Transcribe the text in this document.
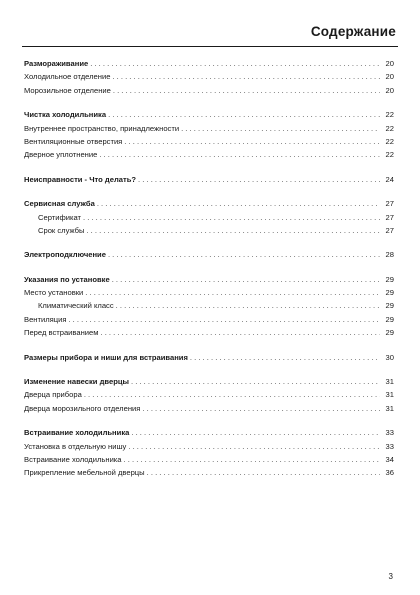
Содержание
Размораживание . . .	20
Холодильное отделение . . .	20
Морозильное отделение . . .	20
Чистка холодильника . . .	22
Внутреннее пространство, принадлежности . . .	22
Вентиляционные отверстия . . .	22
Дверное уплотнение . . .	22
Неисправности - Что делать? . . .	24
Сервисная служба . . .	27
Сертификат . . .	27
Срок службы . . .	27
Электроподключение . . .	28
Указания по установке . . .	29
Место установки . . .	29
Климатический класс . . .	29
Вентиляция . . .	29
Перед встраиванием . . .	29
Размеры прибора и ниши для встраивания . . .	30
Изменение навески дверцы . . .	31
Дверца прибора . . .	31
Дверца морозильного отделения . . .	31
Встраивание холодильника . . .	33
Установка в отдельную нишу . . .	33
Встраивание холодильника . . .	34
Прикрепление мебельной дверцы . . .	36
3
